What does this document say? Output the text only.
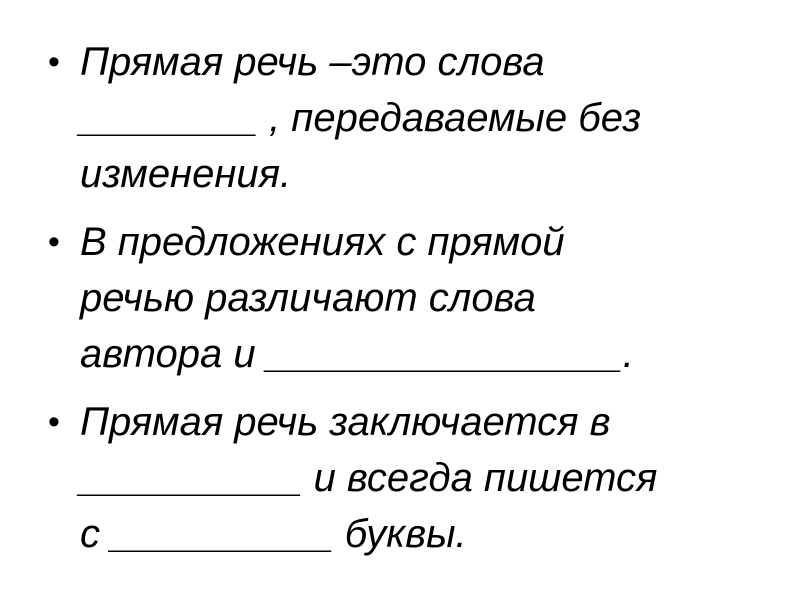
• Прямая речь –это слова
________ , передаваемые без
изменения.
• В предложениях с прямой
речью различают слова
автора и ________________.
• Прямая речь заключается в
__________ и всегда пишется
с __________ буквы.
